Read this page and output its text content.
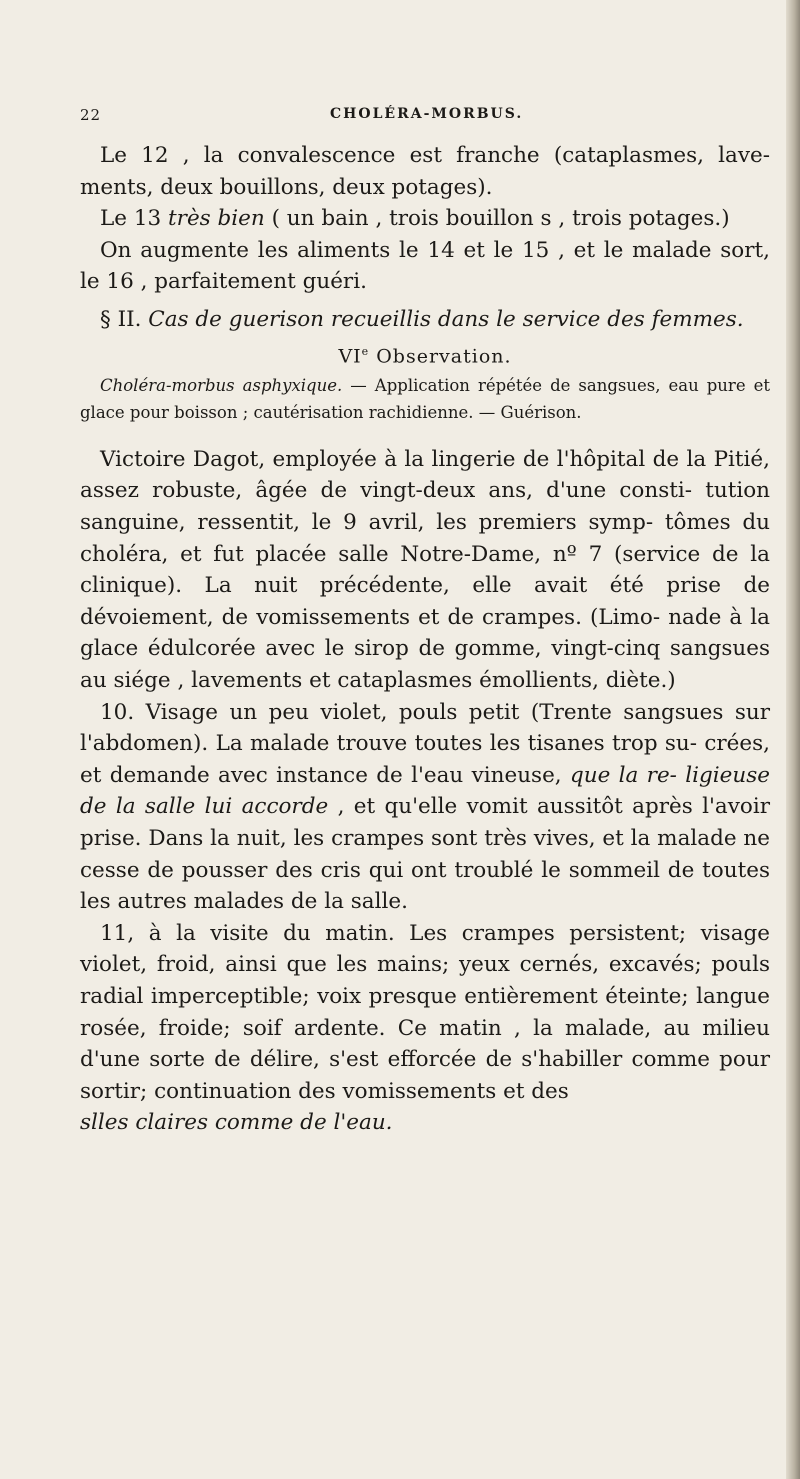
22	CHOLÉRA-MORBUS.

Le 12 , la convalescence est franche (cataplasmes, lave- ments, deux bouillons, deux potages).

Le 13 très bien ( un bain , trois bouillon s , trois potages.)

On augmente les aliments le 14 et le 15 , et le malade sort, le 16 , parfaitement guéri.

§ II. Cas de guerison recueillis dans le service des femmes.

VIe Observation.

Choléra-morbus asphyxique. — Application répétée de sangsues, eau pure et glace pour boisson ; cautérisation rachidienne. — Guérison.

Victoire Dagot, employée à la lingerie de l'hôpital de la Pitié, assez robuste, âgée de vingt-deux ans, d'une consti- tution sanguine, ressentit, le 9 avril, les premiers symp- tômes du choléra, et fut placée salle Notre-Dame, nº 7 (service de la clinique). La nuit précédente, elle avait été prise de dévoiement, de vomissements et de crampes. (Limo- nade à la glace édulcorée avec le sirop de gomme, vingt-cinq sangsues au siége , lavements et cataplasmes émollients, diète.)

10. Visage un peu violet, pouls petit (Trente sangsues sur l'abdomen). La malade trouve toutes les tisanes trop su- crées, et demande avec instance de l'eau vineuse, que la re- ligieuse de la salle lui accorde , et qu'elle vomit aussitôt après l'avoir prise. Dans la nuit, les crampes sont très vives, et la malade ne cesse de pousser des cris qui ont troublé le sommeil de toutes les autres malades de la salle.

11, à la visite du matin. Les crampes persistent; visage violet, froid, ainsi que les mains; yeux cernés, excavés; pouls radial imperceptible; voix presque entièrement éteinte; langue rosée, froide; soif ardente. Ce matin , la malade, au milieu d'une sorte de délire, s'est efforcée de s'habiller comme pour sortir; continuation des vomissements et des

slles claires comme de l'eau.
